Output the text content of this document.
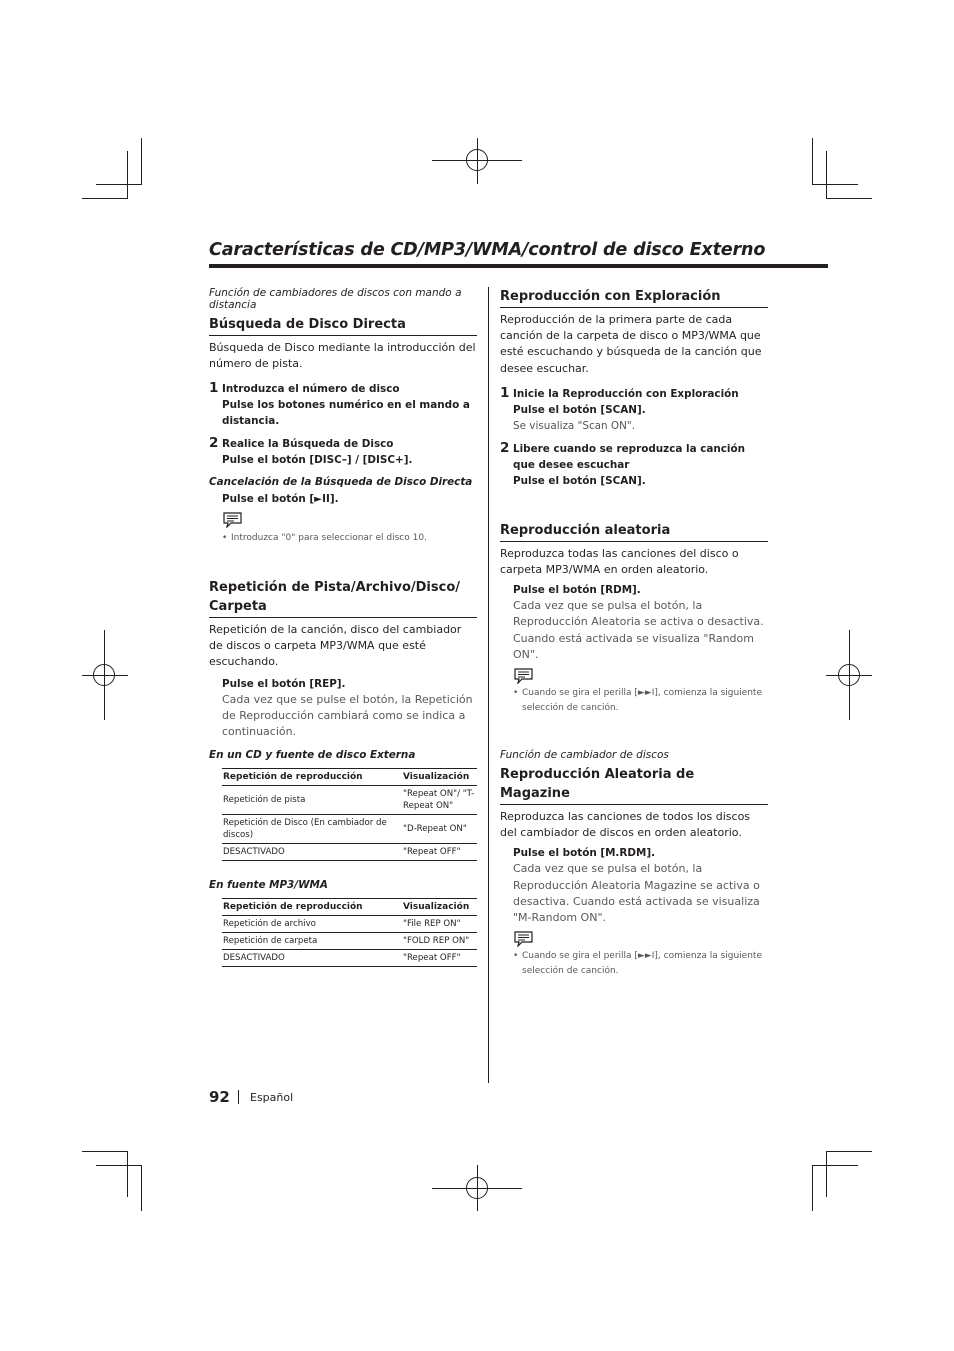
Características de CD/MP3/WMA/control de disco Externo
Función de cambiadores de discos con mando a distancia
Búsqueda de Disco Directa

Búsqueda de Disco mediante la introducción del número de pista.

1 Introduzca el número de disco
Pulse los botones numérico en el mando a distancia.
2 Realice la Búsqueda de Disco
Pulse el botón [DISC–] / [DISC+].
Cancelación de la Búsqueda de Disco Directa
Pulse el botón [►II].
• Introduzca "0" para seleccionar el disco 10.
Repetición de Pista/Archivo/Disco/ Carpeta

Repetición de la canción, disco del cambiador de discos o carpeta MP3/WMA que esté escuchando.

Pulse el botón [REP].
Cada vez que se pulse el botón, la Repetición de Reproducción cambiará como se indica a continuación.
En un CD y fuente de disco Externa
Repetición de reproducción	Visualización
Repetición de pista	"Repeat ON"/ "T-Repeat ON"
Repetición de Disco (En cambiador de discos)	"D-Repeat ON"
DESACTIVADO	"Repeat OFF"
En fuente MP3/WMA
Repetición de reproducción	Visualización
Repetición de archivo	"File REP ON"
Repetición de carpeta	"FOLD REP ON"
DESACTIVADO	"Repeat OFF"
Reproducción con Exploración

Reproducción de la primera parte de cada canción de la carpeta de disco o MP3/WMA que esté escuchando y búsqueda de la canción que desee escuchar.

1 Inicie la Reproducción con Exploración
Pulse el botón [SCAN].
Se visualiza "Scan ON".
2 Libere cuando se reproduzca la canción que desee escuchar
Pulse el botón [SCAN].
Reproducción aleatoria

Reproduzca todas las canciones del disco o carpeta MP3/WMA en orden aleatorio.

Pulse el botón [RDM].
Cada vez que se pulsa el botón, la Reproducción Aleatoria se activa o desactiva. Cuando está activada se visualiza "Random ON".
• Cuando se gira el perilla [►►I], comienza la siguiente selección de canción.
Función de cambiador de discos
Reproducción Aleatoria de Magazine

Reproduzca las canciones de todos los discos del cambiador de discos en orden aleatorio.

Pulse el botón [M.RDM].
Cada vez que se pulsa el botón, la Reproducción Aleatoria Magazine se activa o desactiva. Cuando está activada se visualiza "M-Random ON".
• Cuando se gira el perilla [►►I], comienza la siguiente selección de canción.
92 Español
